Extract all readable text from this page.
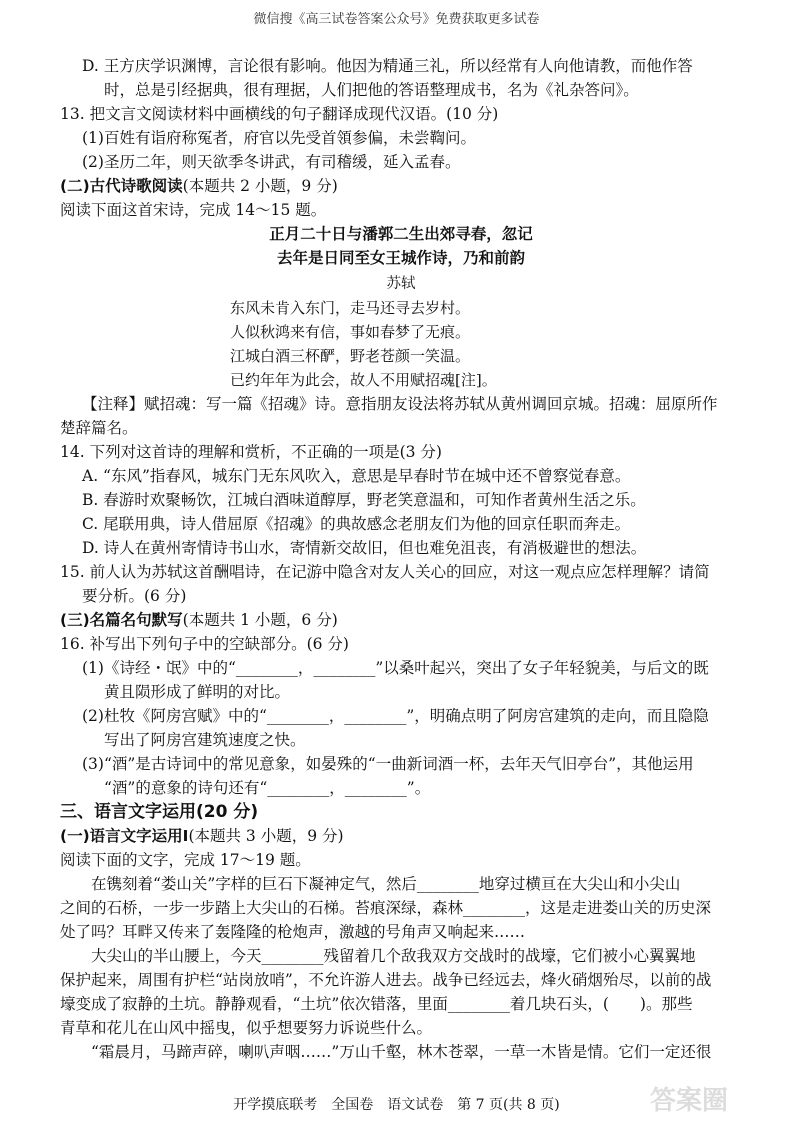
微信搜《高三试卷答案公众号》免费获取更多试卷

D. 王方庆学识渊博，言论很有影响。他因为精通三礼，所以经常有人向他请教，而他作答

时，总是引经据典，很有理据，人们把他的答语整理成书，名为《礼杂答问》。

13. 把文言文阅读材料中画横线的句子翻译成现代汉语。(10 分)

(1)百姓有诣府称冤者，府官以先受首領参偏，未尝鞫问。

(2)圣历二年，则天欲季冬讲武，有司稽缓，延入孟春。

(二)古代诗歌阅读(本题共 2 小题，9 分)

阅读下面这首宋诗，完成 14～15 题。

正月二十日与潘郭二生出郊寻春，忽记

去年是日同至女王城作诗，乃和前韵

苏轼

东风未肯入东门，走马还寻去岁村。

人似秋鸿来有信，事如春梦了无痕。

江城白酒三杯酽，野老苍颜一笑温。

已约年年为此会，故人不用赋招魂[注]。

【注释】赋招魂：写一篇《招魂》诗。意指朋友设法将苏轼从黄州调回京城。招魂：屈原所作

楚辞篇名。

14. 下列对这首诗的理解和赏析，不正确的一项是(3 分)

A. “东风”指春风，城东门无东风吹入，意思是早春时节在城中还不曾察觉春意。

B. 春游时欢聚畅饮，江城白酒味道醇厚，野老笑意温和，可知作者黄州生活之乐。

C. 尾联用典，诗人借屈原《招魂》的典故感念老朋友们为他的回京任职而奔走。

D. 诗人在黄州寄情诗书山水，寄情新交故旧，但也难免沮丧，有消极避世的想法。

15. 前人认为苏轼这首酬唱诗，在记游中隐含对友人关心的回应，对这一观点应怎样理解？请简

要分析。(6 分)

(三)名篇名句默写(本题共 1 小题，6 分)

16. 补写出下列句子中的空缺部分。(6 分)

(1)《诗经・氓》中的“________，________”以桑叶起兴，突出了女子年轻貌美，与后文的既

黄且陨形成了鲜明的对比。

(2)杜牧《阿房宫赋》中的“________，________”，明确点明了阿房宫建筑的走向，而且隐隐

写出了阿房宫建筑速度之快。

(3)“酒”是古诗词中的常见意象，如晏殊的“一曲新词酒一杯，去年天气旧亭台”，其他运用

“酒”的意象的诗句还有“________，________”。

三、语言文字运用(20 分)

(一)语言文字运用Ⅰ(本题共 3 小题，9 分)

阅读下面的文字，完成 17～19 题。

在镌刻着“娄山关”字样的巨石下凝神定气，然后________地穿过横亘在大尖山和小尖山

之间的石桥，一步一步踏上大尖山的石梯。苔痕深绿，森林________，这是走进娄山关的历史深

处了吗？耳畔又传来了轰隆隆的枪炮声，激越的号角声又响起来……

大尖山的半山腰上，今天________残留着几个敌我双方交战时的战壕，它们被小心翼翼地

保护起来，周围有护栏“站岗放哨”，不允许游人进去。战争已经远去，烽火硝烟殆尽，以前的战

壕变成了寂静的土坑。静静观看，“土坑”依次错落，里面________着几块石头，(　　)。那些

青草和花儿在山风中摇曳，似乎想要努力诉说些什么。

“霜晨月，马蹄声碎，喇叭声咽……”万山千壑，林木苍翠，一草一木皆是情。它们一定还很

答案圈
开学摸底联考　全国卷　语文试卷　第 7 页(共 8 页)
